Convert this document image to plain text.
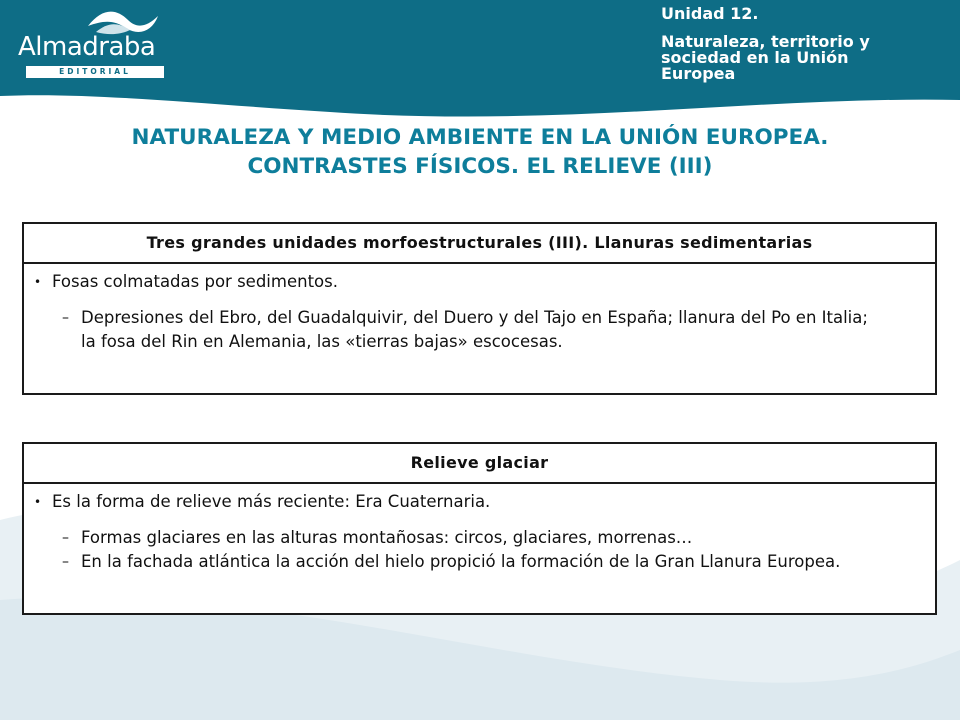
Almadraba
EDITORIAL
Unidad 12.
Naturaleza, territorio y sociedad en la Unión Europea
NATURALEZA Y MEDIO AMBIENTE EN LA UNIÓN EUROPEA.
CONTRASTES FÍSICOS. EL RELIEVE (III)
Tres grandes unidades morfoestructurales (III). Llanuras sedimentarias
• Fosas colmatadas por sedimentos.
– Depresiones del Ebro, del Guadalquivir, del Duero y del Tajo en España; llanura del Po en Italia; la fosa del Rin en Alemania, las «tierras bajas» escocesas.
Relieve glaciar
• Es la forma de relieve más reciente: Era Cuaternaria.
– Formas glaciares en las alturas montañosas: circos, glaciares, morrenas…
– En la fachada atlántica la acción del hielo propició la formación de la Gran Llanura Europea.
